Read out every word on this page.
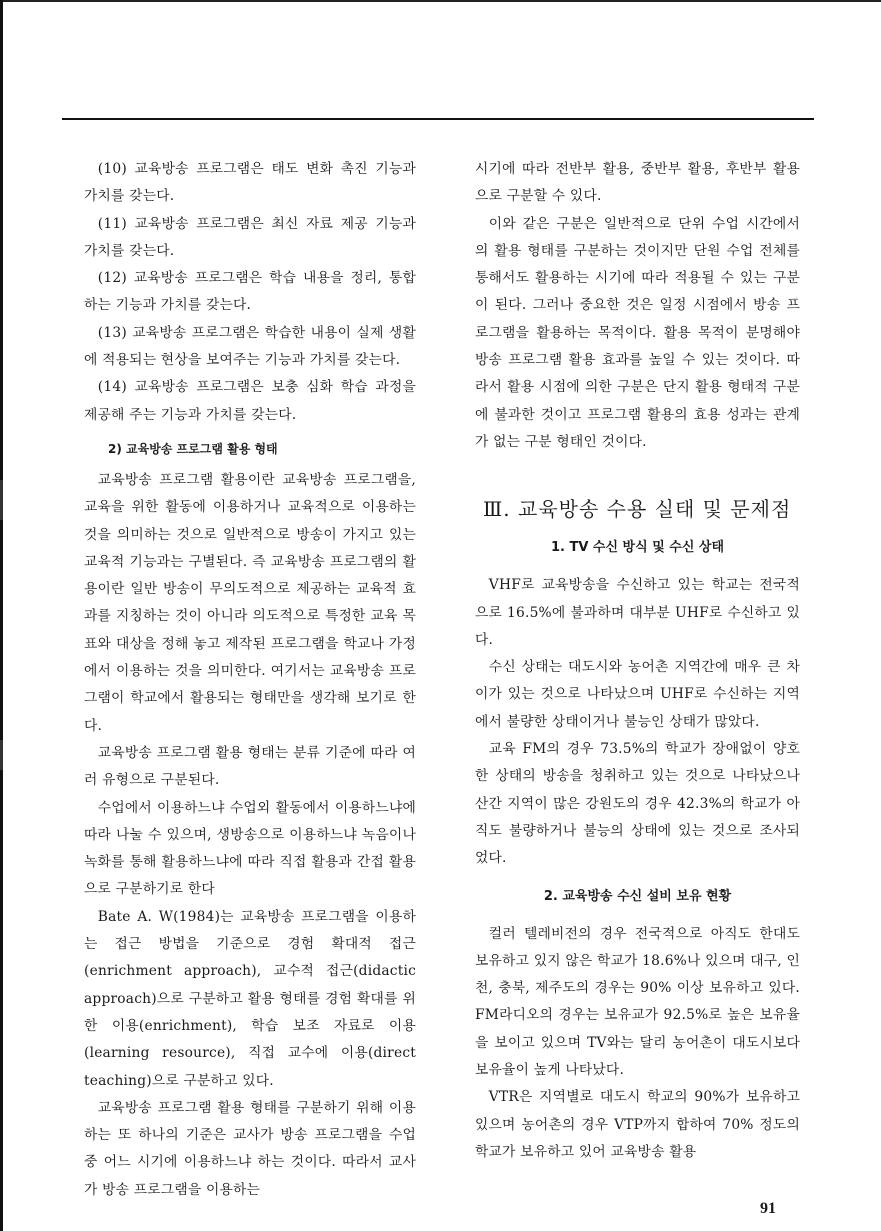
(10) 교육방송 프로그램은 태도 변화 촉진 기능과 가치를 갖는다.

(11) 교육방송 프로그램은 최신 자료 제공 기능과 가치를 갖는다.

(12) 교육방송 프로그램은 학습 내용을 정리, 통합하는 기능과 가치를 갖는다.

(13) 교육방송 프로그램은 학습한 내용이 실제 생활에 적용되는 현상을 보여주는 기능과 가치를 갖는다.

(14) 교육방송 프로그램은 보충 심화 학습 과정을 제공해 주는 기능과 가치를 갖는다.

2) 교육방송 프로그램 활용 형태

교육방송 프로그램 활용이란 교육방송 프로그램을, 교육을 위한 활동에 이용하거나 교육적으로 이용하는 것을 의미하는 것으로 일반적으로 방송이 가지고 있는 교육적 기능과는 구별된다. 즉 교육방송 프로그램의 활용이란 일반 방송이 무의도적으로 제공하는 교육적 효과를 지칭하는 것이 아니라 의도적으로 특정한 교육 목표와 대상을 정해 놓고 제작된 프로그램을 학교나 가정에서 이용하는 것을 의미한다. 여기서는 교육방송 프로그램이 학교에서 활용되는 형태만을 생각해 보기로 한다.

교육방송 프로그램 활용 형태는 분류 기준에 따라 여러 유형으로 구분된다.

수업에서 이용하느냐 수업외 활동에서 이용하느냐에 따라 나눌 수 있으며, 생방송으로 이용하느냐 녹음이나 녹화를 통해 활용하느냐에 따라 직접 활용과 간접 활용으로 구분하기로 한다

Bate A. W(1984)는 교육방송 프로그램을 이용하는 접근 방법을 기준으로 경험 확대적 접근(enrichment approach), 교수적 접근(didactic approach)으로 구분하고 활용 형태를 경험 확대를 위한 이용(enrichment), 학습 보조 자료로 이용(learning resource), 직접 교수에 이용(direct teaching)으로 구분하고 있다.

교육방송 프로그램 활용 형태를 구분하기 위해 이용하는 또 하나의 기준은 교사가 방송 프로그램을 수업 중 어느 시기에 이용하느냐 하는 것이다. 따라서 교사가 방송 프로그램을 이용하는

시기에 따라 전반부 활용, 중반부 활용, 후반부 활용으로 구분할 수 있다.

이와 같은 구분은 일반적으로 단위 수업 시간에서의 활용 형태를 구분하는 것이지만 단원 수업 전체를 통해서도 활용하는 시기에 따라 적용될 수 있는 구분이 된다. 그러나 중요한 것은 일정 시점에서 방송 프로그램을 활용하는 목적이다. 활용 목적이 분명해야 방송 프로그램 활용 효과를 높일 수 있는 것이다. 따라서 활용 시점에 의한 구분은 단지 활용 형태적 구분에 불과한 것이고 프로그램 활용의 효용 성과는 관계가 없는 구분 형태인 것이다.

Ⅲ. 교육방송 수용 실태 및 문제점
1. TV 수신 방식 및 수신 상태

VHF로 교육방송을 수신하고 있는 학교는 전국적으로 16.5%에 불과하며 대부분 UHF로 수신하고 있다.

수신 상태는 대도시와 농어촌 지역간에 매우 큰 차이가 있는 것으로 나타났으며 UHF로 수신하는 지역에서 불량한 상태이거나 불능인 상태가 많았다.

교육 FM의 경우 73.5%의 학교가 장애없이 양호한 상태의 방송을 청취하고 있는 것으로 나타났으나 산간 지역이 많은 강원도의 경우 42.3%의 학교가 아직도 불량하거나 불능의 상태에 있는 것으로 조사되었다.

2. 교육방송 수신 설비 보유 현황

컬러 텔레비전의 경우 전국적으로 아직도 한대도 보유하고 있지 않은 학교가 18.6%나 있으며 대구, 인천, 충북, 제주도의 경우는 90% 이상 보유하고 있다. FM라디오의 경우는 보유교가 92.5%로 높은 보유율을 보이고 있으며 TV와는 달리 농어촌이 대도시보다 보유율이 높게 나타났다.

VTR은 지역별로 대도시 학교의 90%가 보유하고 있으며 농어촌의 경우 VTP까지 합하여 70% 정도의 학교가 보유하고 있어 교육방송 활용

91
